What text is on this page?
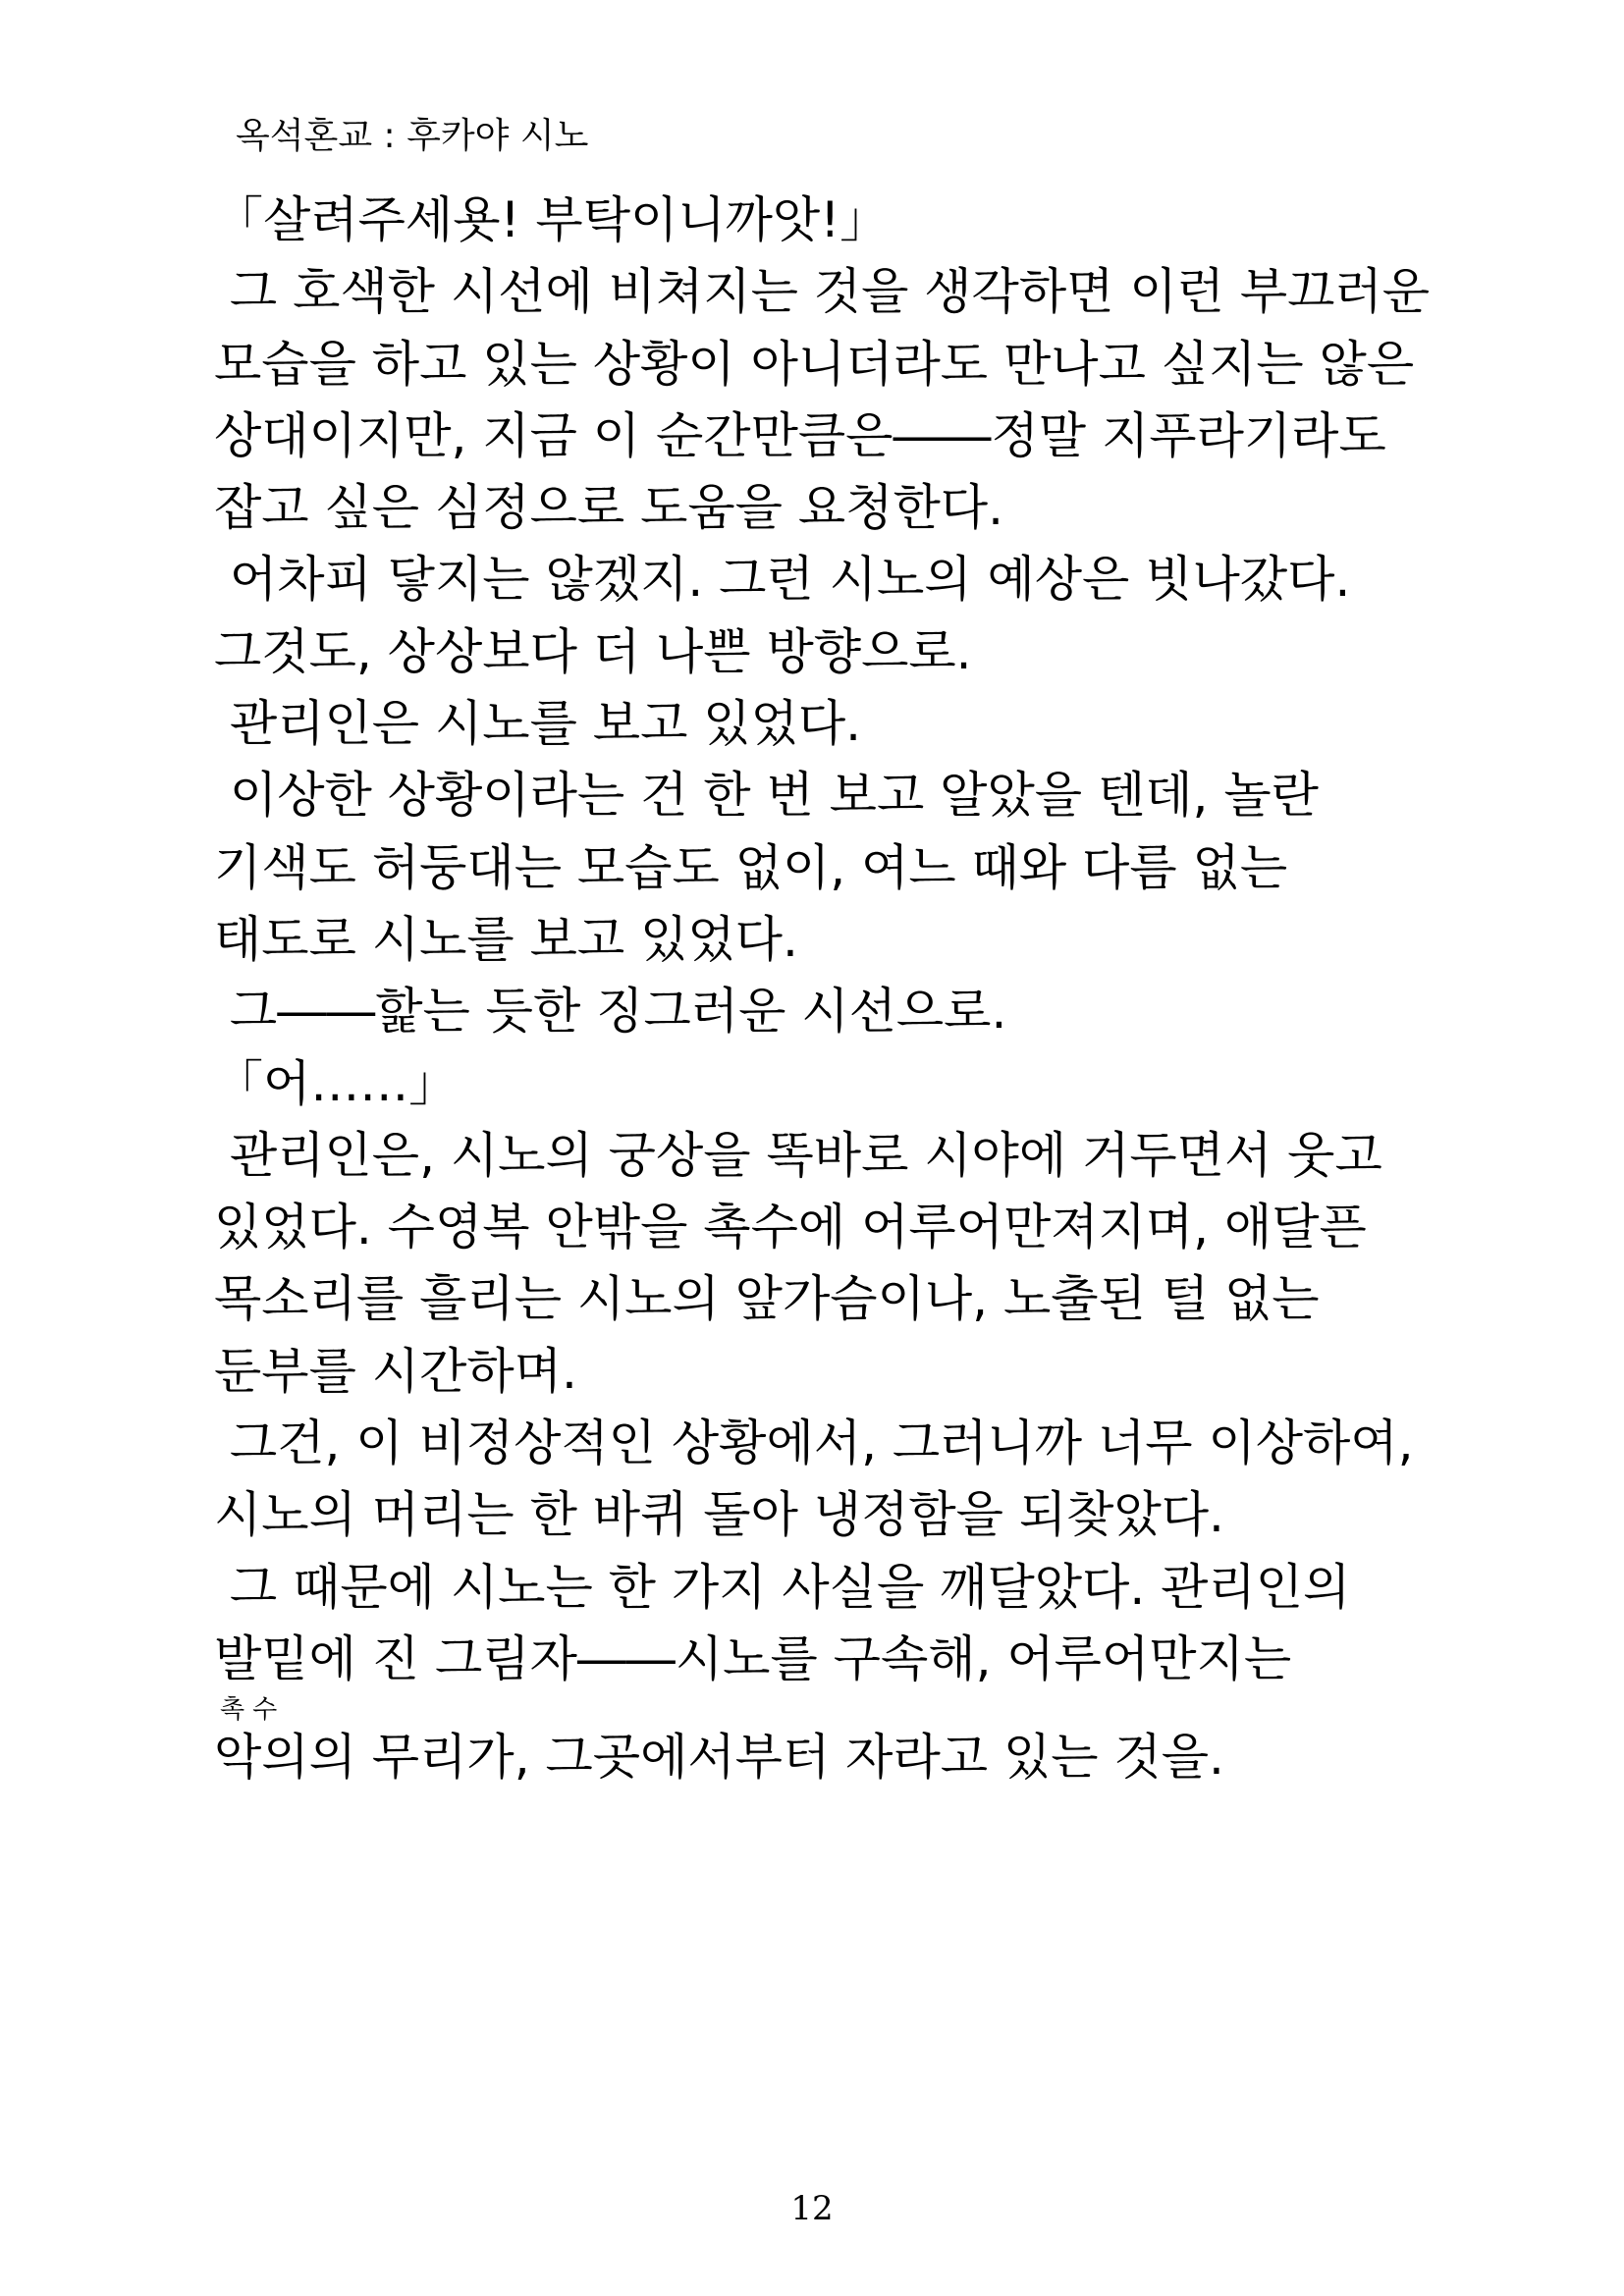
옥석혼교 : 후카야 시노
「살려주세욧! 부탁이니까앗!」
그 호색한 시선에 비쳐지는 것을 생각하면 이런 부끄러운
모습을 하고 있는 상황이 아니더라도 만나고 싶지는 않은
상대이지만, 지금 이 순간만큼은――정말 지푸라기라도
잡고 싶은 심정으로 도움을 요청한다.
어차피 닿지는 않겠지. 그런 시노의 예상은 빗나갔다.
그것도, 상상보다 더 나쁜 방향으로.
관리인은 시노를 보고 있었다.
이상한 상황이라는 건 한 번 보고 알았을 텐데, 놀란
기색도 허둥대는 모습도 없이, 여느 때와 다름 없는
태도로 시노를 보고 있었다.
그――핥는 듯한 징그러운 시선으로.
「어……」
관리인은, 시노의 궁상을 똑바로 시야에 거두면서 웃고
있었다. 수영복 안밖을 촉수에 어루어만져지며, 애달픈
목소리를 흘리는 시노의 앞가슴이나, 노출된 털 없는
둔부를 시간하며.
그건, 이 비정상적인 상황에서, 그러니까 너무 이상하여,
시노의 머리는 한 바퀴 돌아 냉정함을 되찾았다.
그 때문에 시노는 한 가지 사실을 깨달았다. 관리인의
발밑에 진 그림자――시노를 구속해, 어루어만지는

촉수

악의의 무리가, 그곳에서부터 자라고 있는 것을.

12
